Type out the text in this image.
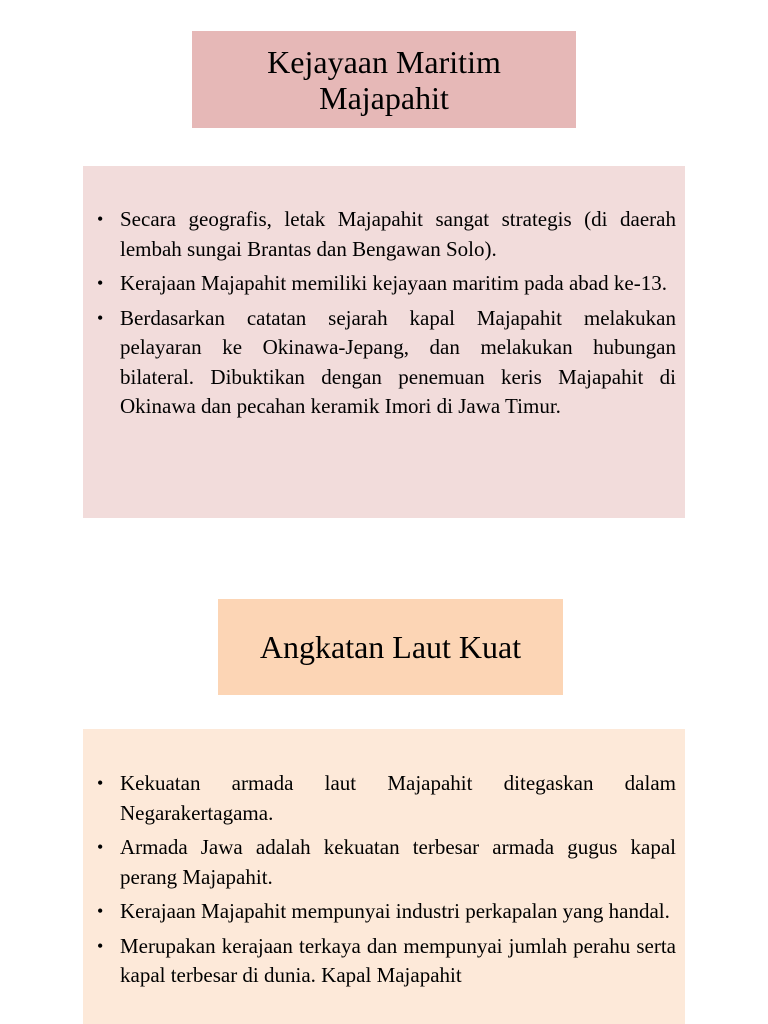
Kejayaan Maritim
Majapahit
• Secara geografis, letak Majapahit sangat strategis (di daerah lembah sungai Brantas dan Bengawan Solo).
• Kerajaan Majapahit memiliki kejayaan maritim pada abad ke-13.
• Berdasarkan catatan sejarah kapal Majapahit melakukan pelayaran ke Okinawa-Jepang, dan melakukan hubungan bilateral. Dibuktikan dengan penemuan keris Majapahit di Okinawa dan pecahan keramik Imori di Jawa Timur.
Angkatan Laut Kuat
• Kekuatan armada laut Majapahit ditegaskan dalam Negarakertagama.
• Armada Jawa adalah kekuatan terbesar armada gugus kapal perang Majapahit.
• Kerajaan Majapahit mempunyai industri perkapalan yang handal.
• Merupakan kerajaan terkaya dan mempunyai jumlah perahu serta kapal terbesar di dunia. Kapal Majapahit
